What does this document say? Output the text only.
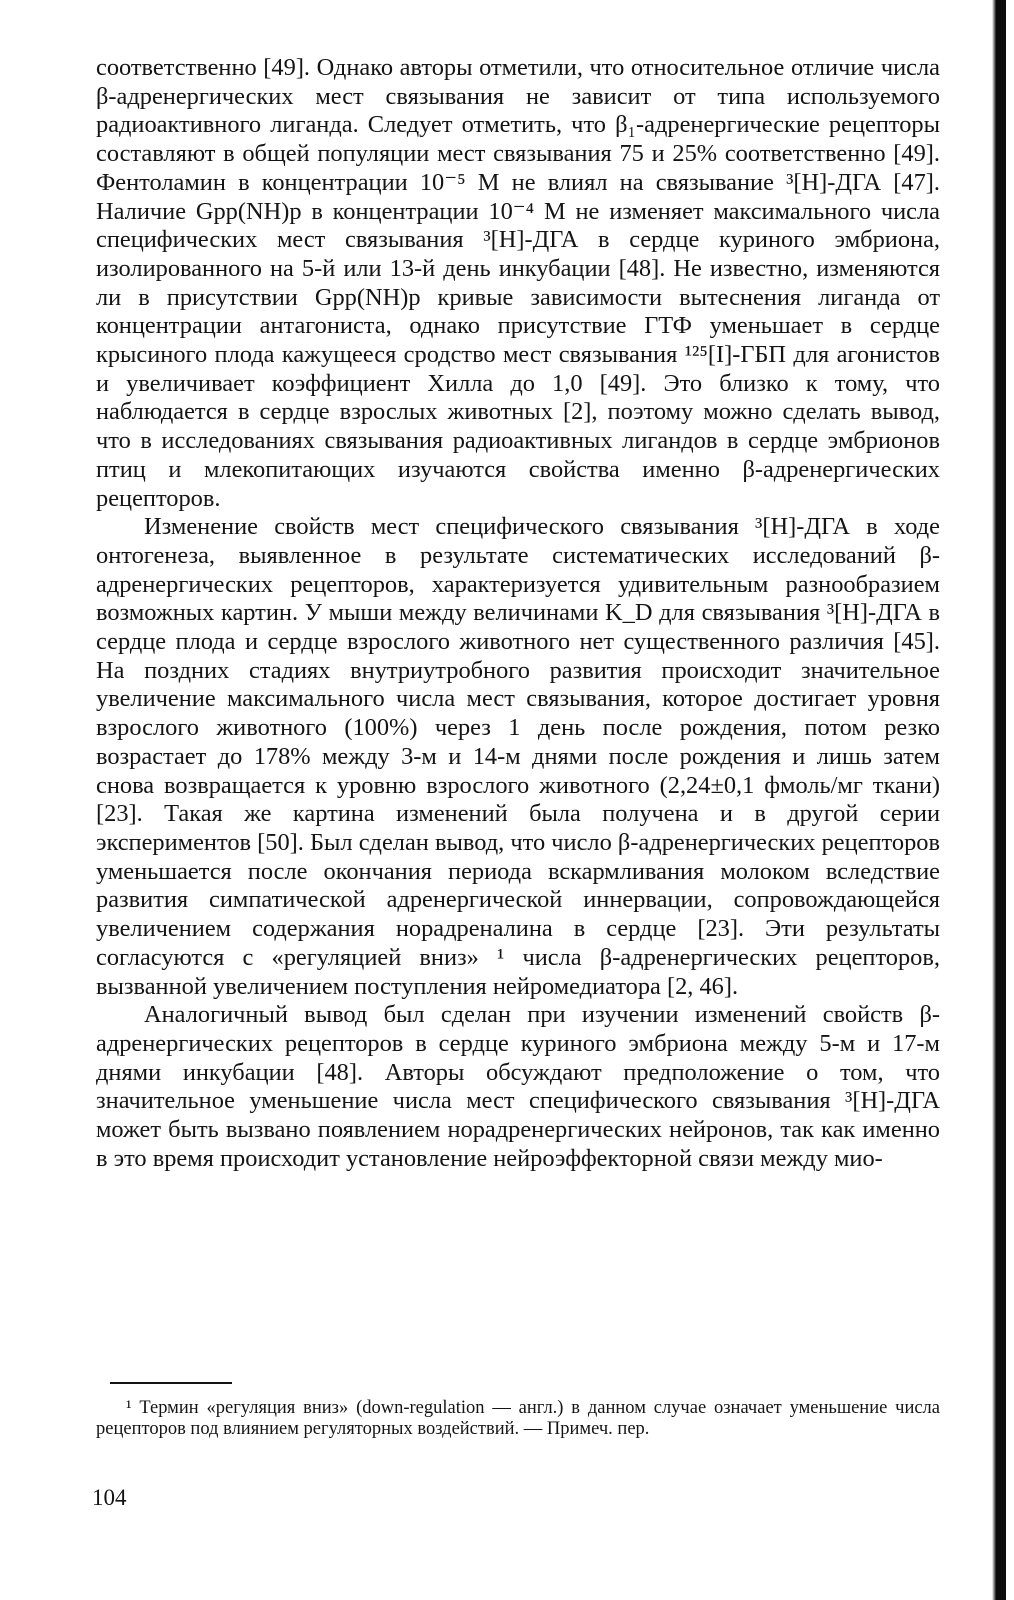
соответственно [49]. Однако авторы отметили, что относительное отличие числа β-адренергических мест связывания не зависит от типа используемого радиоактивного лиганда. Следует отметить, что β₁-адренергические рецепторы составляют в общей популяции мест связывания 75 и 25% соответственно [49]. Фентоламин в концентрации 10⁻⁵ М не влиял на связывание ³[Н]-ДГА [47]. Наличие Gpp(NH)p в концентрации 10⁻⁴ М не изменяет максимального числа специфических мест связывания ³[Н]-ДГА в сердце куриного эмбриона, изолированного на 5-й или 13-й день инкубации [48]. Не известно, изменяются ли в присутствии Gpp(NH)p кривые зависимости вытеснения лиганда от концентрации антагониста, однако присутствие ГТФ уменьшает в сердце крысиного плода кажущееся сродство мест связывания ¹²⁵[I]-ГБП для агонистов и увеличивает коэффициент Хилла до 1,0 [49]. Это близко к тому, что наблюдается в сердце взрослых животных [2], поэтому можно сделать вывод, что в исследованиях связывания радиоактивных лигандов в сердце эмбрионов птиц и млекопитающих изучаются свойства именно β-адренергических рецепторов.

Изменение свойств мест специфического связывания ³[Н]-ДГА в ходе онтогенеза, выявленное в результате систематических исследований β-адренергических рецепторов, характеризуется удивительным разнообразием возможных картин. У мыши между величинами K_D для связывания ³[Н]-ДГА в сердце плода и сердце взрослого животного нет существенного различия [45]. На поздних стадиях внутриутробного развития происходит значительное увеличение максимального числа мест связывания, которое достигает уровня взрослого животного (100%) через 1 день после рождения, потом резко возрастает до 178% между 3-м и 14-м днями после рождения и лишь затем снова возвращается к уровню взрослого животного (2,24±0,1 фмоль/мг ткани) [23]. Такая же картина изменений была получена и в другой серии экспериментов [50]. Был сделан вывод, что число β-адренергических рецепторов уменьшается после окончания периода вскармливания молоком вследствие развития симпатической адренергической иннервации, сопровождающейся увеличением содержания норадреналина в сердце [23]. Эти результаты согласуются с «регуляцией вниз» ¹ числа β-адренергических рецепторов, вызванной увеличением поступления нейромедиатора [2, 46].

Аналогичный вывод был сделан при изучении изменений свойств β-адренергических рецепторов в сердце куриного эмбриона между 5-м и 17-м днями инкубации [48]. Авторы обсуждают предположение о том, что значительное уменьшение числа мест специфического связывания ³[Н]-ДГА может быть вызвано появлением норадренергических нейронов, так как именно в это время происходит установление нейроэффекторной связи между мио-

¹ Термин «регуляция вниз» (down-regulation — англ.) в данном случае означает уменьшение числа рецепторов под влиянием регуляторных воздействий. — Примеч. пер.
104
